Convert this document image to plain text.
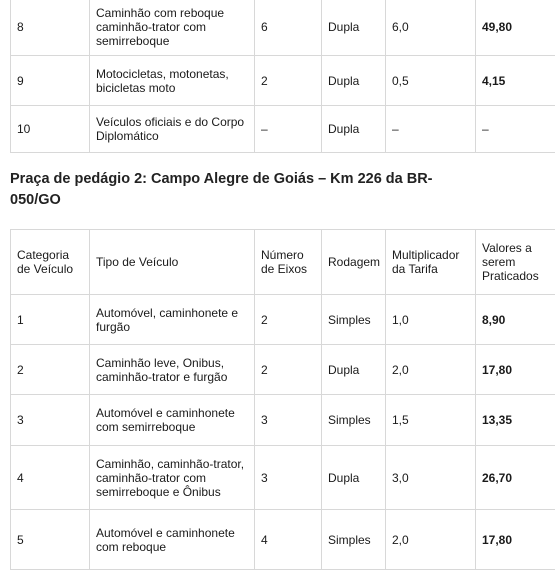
8	Caminhão com reboque caminhão-trator com semirreboque	6	Dupla	6,0	49,80
9	Motocicletas, motonetas, bicicletas moto	2	Dupla	0,5	4,15
10	Veículos oficiais e do Corpo Diplomático	–	Dupla	–	–

Praça de pedágio 2: Campo Alegre de Goiás – Km 226 da BR-050/GO

Categoria de Veículo	Tipo de Veículo	Número de Eixos	Rodagem	Multiplicador da Tarifa	Valores a serem Praticados
1	Automóvel, caminhonete e furgão	2	Simples	1,0	8,90
2	Caminhão leve, Onibus, caminhão-trator e furgão	2	Dupla	2,0	17,80
3	Automóvel e caminhonete com semirreboque	3	Simples	1,5	13,35
4	Caminhão, caminhão-trator, caminhão-trator com semirreboque e Ônibus	3	Dupla	3,0	26,70
5	Automóvel e caminhonete com reboque	4	Simples	2,0	17,80
